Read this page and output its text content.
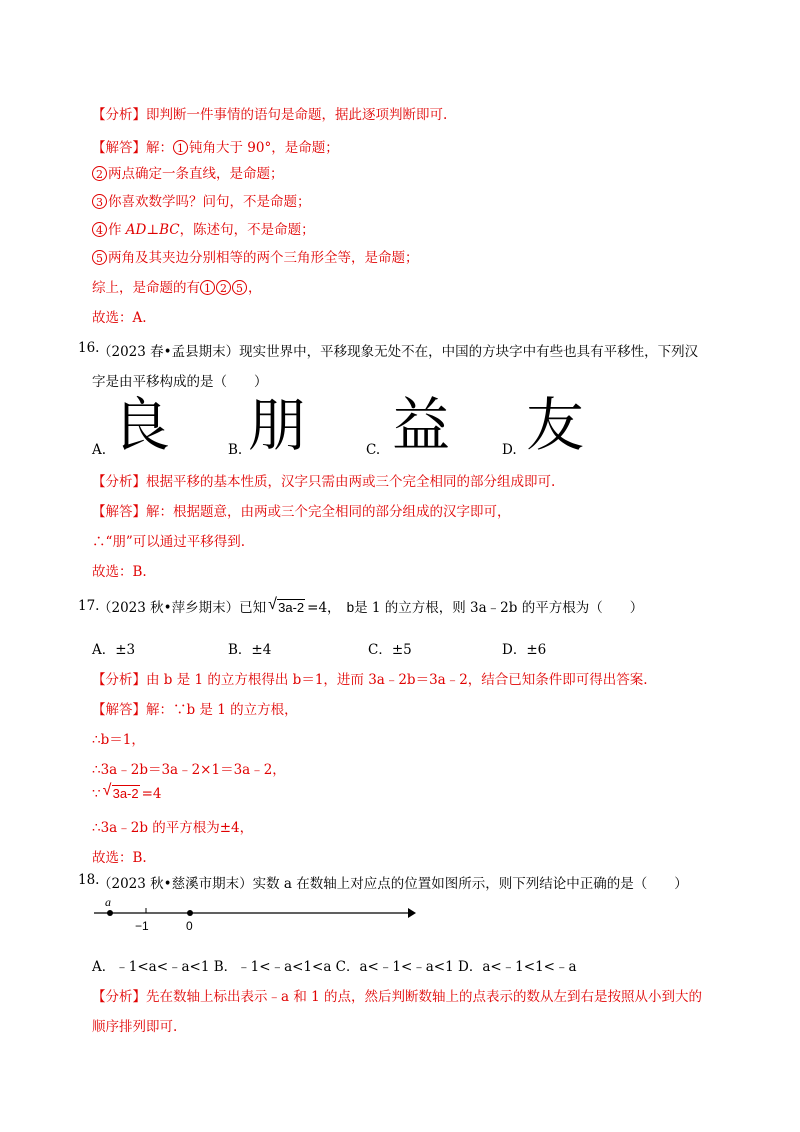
【分析】即判断一件事情的语句是命题，据此逐项判断即可.
【解答】解： 1 钝角大于 90°，是命题；
2 两点确定一条直线，是命题；
3 你喜欢数学吗？问句，不是命题；
4 作 AD⊥BC，陈述句，不是命题；
5 两角及其夹边分别相等的两个三角形全等，是命题；
综上，是命题的有 1 2 5 ，
故选：A.
16.
（2023 春•孟县期末）现实世界中，平移现象无处不在，中国的方块字中有些也具有平移性，下列汉
字是由平移构成的是（　　）
A. 良	B. 朋	C. 益	D. 友
【分析】根据平移的基本性质，汉字只需由两或三个完全相同的部分组成即可.
【解答】解：根据题意，由两或三个完全相同的部分组成的汉字即可，
∴“朋”可以通过平移得到.
故选：B.
17.
（2023 秋•萍乡期末）已知 √ 3a-2 =4， b是 1 的立方根，则 3a﹣2b 的平方根为（　　）
A．±3	B．±4	C．±5	D．±6
【分析】由 b 是 1 的立方根得出 b＝1，进而 3a﹣2b＝3a﹣2，结合已知条件即可得出答案.
【解答】解：∵b 是 1 的立方根，
∴b＝1，
∴3a﹣2b＝3a﹣2×1＝3a﹣2，
∵ √ 3a-2 =4
∴3a﹣2b 的平方根为±4，
故选：B.
18.
（2023 秋•慈溪市期末）实数 a 在数轴上对应点的位置如图所示，则下列结论中正确的是（　　）
a
−1	0
A．﹣1<a<﹣a<1 B．﹣1<﹣a<1<a C．a<﹣1<﹣a<1 D．a<﹣1<1<﹣a
【分析】先在数轴上标出表示﹣a 和 1 的点，然后判断数轴上的点表示的数从左到右是按照从小到大的
顺序排列即可.
